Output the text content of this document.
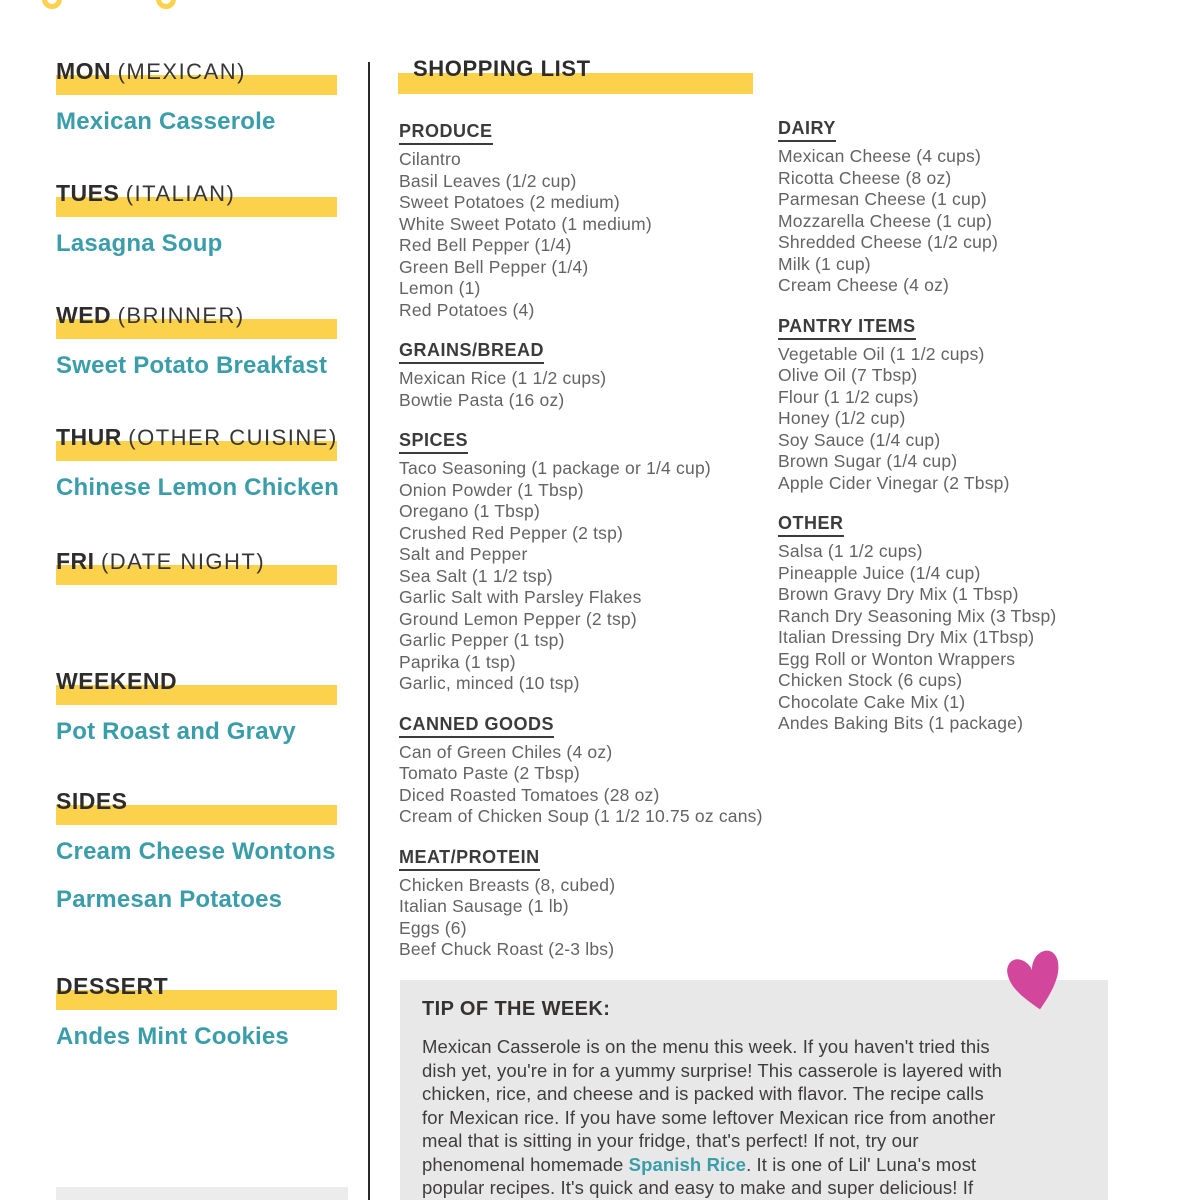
MON (MEXICAN)
Mexican Casserole
TUES (ITALIAN)
Lasagna Soup
WED (BRINNER)
Sweet Potato Breakfast
THUR (OTHER CUISINE)
Chinese Lemon Chicken
FRI (DATE NIGHT)
WEEKEND
Pot Roast and Gravy
SIDES
Cream Cheese Wontons
Parmesan Potatoes
DESSERT
Andes Mint Cookies
SHOPPING LIST
PRODUCE
Cilantro
Basil Leaves (1/2 cup)
Sweet Potatoes (2 medium)
White Sweet Potato (1 medium)
Red Bell Pepper (1/4)
Green Bell Pepper (1/4)
Lemon (1)
Red Potatoes (4)
GRAINS/BREAD
Mexican Rice (1 1/2 cups)
Bowtie Pasta (16 oz)
SPICES
Taco Seasoning (1 package or 1/4 cup)
Onion Powder (1 Tbsp)
Oregano (1 Tbsp)
Crushed Red Pepper (2 tsp)
Salt and Pepper
Sea Salt (1 1/2 tsp)
Garlic Salt with Parsley Flakes
Ground Lemon Pepper (2 tsp)
Garlic Pepper (1 tsp)
Paprika (1 tsp)
Garlic, minced (10 tsp)
CANNED GOODS
Can of Green Chiles (4 oz)
Tomato Paste (2 Tbsp)
Diced Roasted Tomatoes (28 oz)
Cream of Chicken Soup (1 1/2 10.75 oz cans)
MEAT/PROTEIN
Chicken Breasts (8, cubed)
Italian Sausage (1 lb)
Eggs (6)
Beef Chuck Roast (2-3 lbs)
DAIRY
Mexican Cheese (4 cups)
Ricotta Cheese (8 oz)
Parmesan Cheese (1 cup)
Mozzarella Cheese (1 cup)
Shredded Cheese (1/2 cup)
Milk (1 cup)
Cream Cheese (4 oz)
PANTRY ITEMS
Vegetable Oil (1 1/2 cups)
Olive Oil (7 Tbsp)
Flour (1 1/2 cups)
Honey (1/2 cup)
Soy Sauce (1/4 cup)
Brown Sugar (1/4 cup)
Apple Cider Vinegar (2 Tbsp)
OTHER
Salsa (1 1/2 cups)
Pineapple Juice (1/4 cup)
Brown Gravy Dry Mix (1 Tbsp)
Ranch Dry Seasoning Mix (3 Tbsp)
Italian Dressing Dry Mix (1Tbsp)
Egg Roll or Wonton Wrappers
Chicken Stock (6 cups)
Chocolate Cake Mix (1)
Andes Baking Bits (1 package)
TIP OF THE WEEK:
Mexican Casserole is on the menu this week. If you haven't tried this
dish yet, you're in for a yummy surprise! This casserole is layered with
chicken, rice, and cheese and is packed with flavor. The recipe calls
for Mexican rice. If you have some leftover Mexican rice from another
meal that is sitting in your fridge, that's perfect! If not, try our
phenomenal homemade Spanish Rice. It is one of Lil' Luna's most
popular recipes. It's quick and easy to make and super delicious! If
